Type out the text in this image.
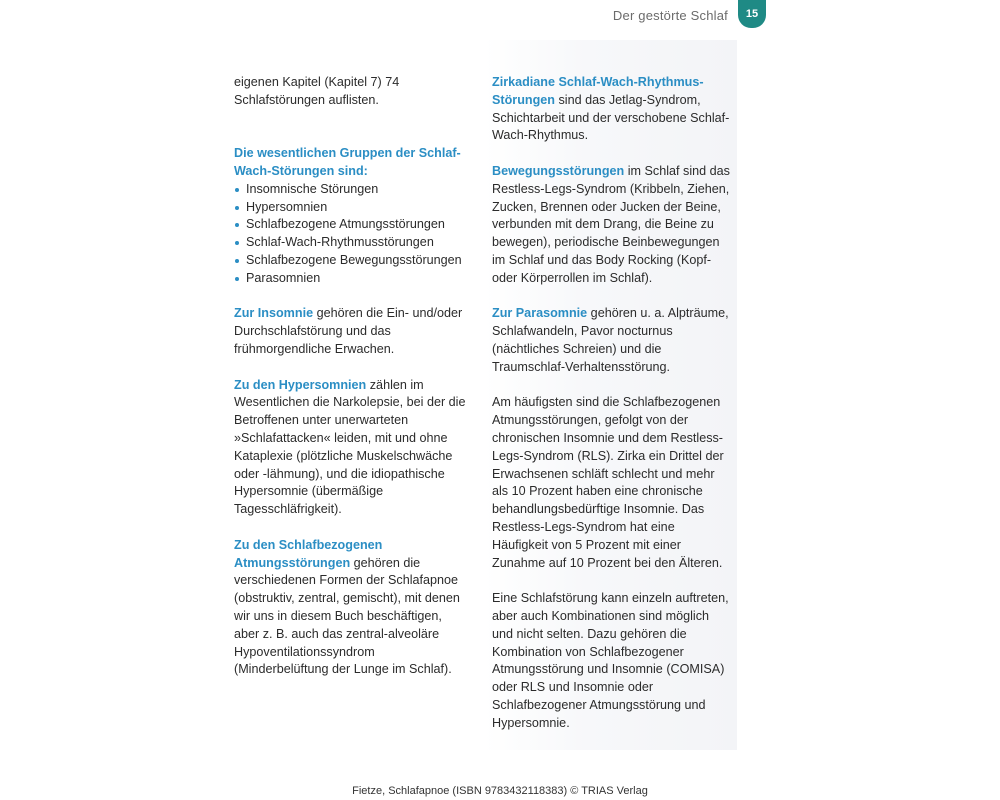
Der gestörte Schlaf	15

eigenen Kapitel (Kapitel 7) 74 Schlafstörungen auflisten.

Die wesentlichen Gruppen der Schlaf-Wach-Störungen sind:

Insomnische Störungen
Hypersomnien
Schlafbezogene Atmungsstörungen
Schlaf-Wach-Rhythmusstörungen
Schlafbezogene Bewegungsstörungen
Parasomnien

Zur Insomnie gehören die Ein- und/oder Durchschlafstörung und das frühmorgendliche Erwachen.

Zu den Hypersomnien zählen im Wesentlichen die Narkolepsie, bei der die Betroffenen unter unerwarteten »Schlafattacken« leiden, mit und ohne Kataplexie (plötzliche Muskelschwäche oder -lähmung), und die idiopathische Hypersomnie (übermäßige Tagesschläfrigkeit).

Zu den Schlafbezogenen Atmungsstörungen gehören die verschiedenen Formen der Schlafapnoe (obstruktiv, zentral, gemischt), mit denen wir uns in diesem Buch beschäftigen, aber z. B. auch das zentral-alveoläre Hypoventilationssyndrom (Minderbelüftung der Lunge im Schlaf).

Zirkadiane Schlaf-Wach-Rhythmus-Störungen sind das Jetlag-Syndrom, Schichtarbeit und der verschobene Schlaf-Wach-Rhythmus.

Bewegungsstörungen im Schlaf sind das Restless-Legs-Syndrom (Kribbeln, Ziehen, Zucken, Brennen oder Jucken der Beine, verbunden mit dem Drang, die Beine zu bewegen), periodische Beinbewegungen im Schlaf und das Body Rocking (Kopf- oder Körperrollen im Schlaf).

Zur Parasomnie gehören u. a. Alpträume, Schlafwandeln, Pavor nocturnus (nächtliches Schreien) und die Traumschlaf-Verhaltensstörung.

Am häufigsten sind die Schlafbezogenen Atmungsstörungen, gefolgt von der chronischen Insomnie und dem Restless-Legs-Syndrom (RLS). Zirka ein Drittel der Erwachsenen schläft schlecht und mehr als 10 Prozent haben eine chronische behandlungsbedürftige Insomnie. Das Restless-Legs-Syndrom hat eine Häufigkeit von 5 Prozent mit einer Zunahme auf 10 Prozent bei den Älteren.

Eine Schlafstörung kann einzeln auftreten, aber auch Kombinationen sind möglich und nicht selten. Dazu gehören die Kombination von Schlafbezogener Atmungsstörung und Insomnie (COMISA) oder RLS und Insomnie oder Schlafbezogener Atmungsstörung und Hypersomnie.

Fietze, Schlafapnoe (ISBN 9783432118383) © TRIAS Verlag
